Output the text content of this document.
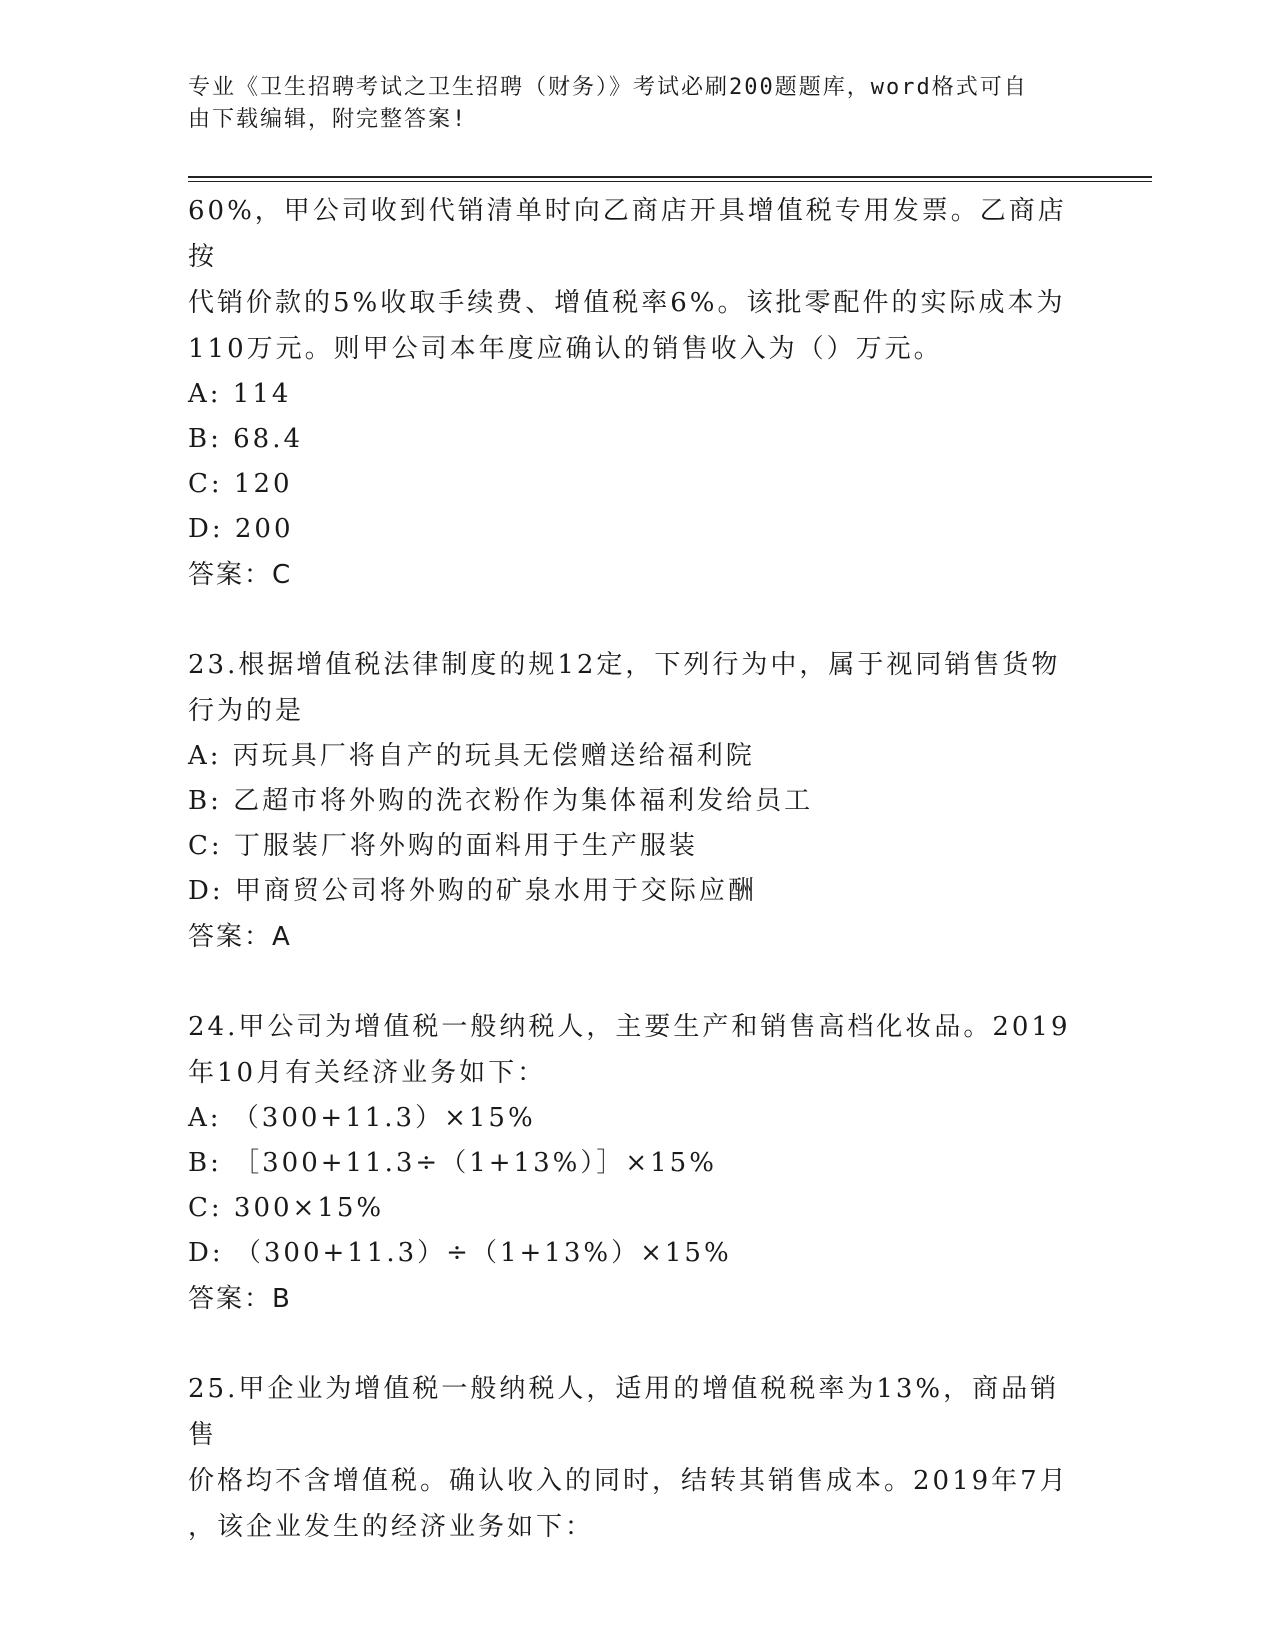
专业《卫生招聘考试之卫生招聘（财务）》考试必刷200题题库，word格式可自
由下载编辑，附完整答案!

60%，甲公司收到代销清单时向乙商店开具增值税专用发票。乙商店按

代销价款的5%收取手续费、增值税率6%。该批零配件的实际成本为

110万元。则甲公司本年度应确认的销售收入为（）万元。

A: 114

B: 68.4

C: 120

D: 200

答案：C

23.根据增值税法律制度的规12定，下列行为中，属于视同销售货物

行为的是

A: 丙玩具厂将自产的玩具无偿赠送给福利院

B: 乙超市将外购的洗衣粉作为集体福利发给员工

C: 丁服装厂将外购的面料用于生产服装

D: 甲商贸公司将外购的矿泉水用于交际应酬

答案：A

24.甲公司为增值税一般纳税人，主要生产和销售高档化妆品。2019

年10月有关经济业务如下：

A: （300+11.3）×15%

B: ［300+11.3÷（1+13%）］×15%

C: 300×15%

D: （300+11.3）÷（1+13%）×15%

答案：B

25.甲企业为增值税一般纳税人，适用的增值税税率为13%，商品销售

价格均不含增值税。确认收入的同时，结转其销售成本。2019年7月

，该企业发生的经济业务如下：
